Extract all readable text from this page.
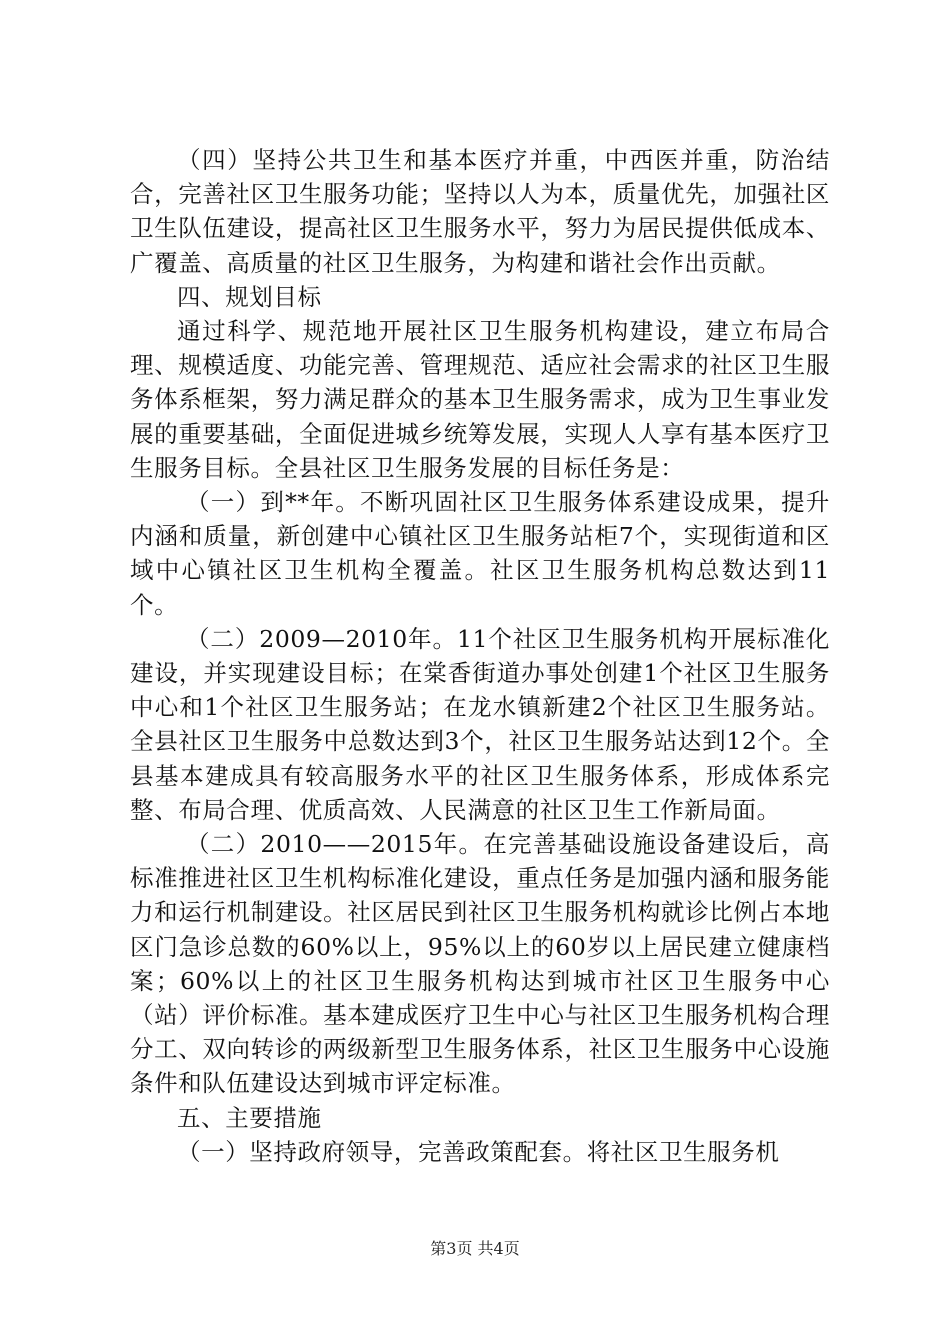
（四）坚持公共卫生和基本医疗并重，中西医并重，防治结合，完善社区卫生服务功能；坚持以人为本，质量优先，加强社区卫生队伍建设，提高社区卫生服务水平，努力为居民提供低成本、广覆盖、高质量的社区卫生服务，为构建和谐社会作出贡献。

四、规划目标

通过科学、规范地开展社区卫生服务机构建设，建立布局合理、规模适度、功能完善、管理规范、适应社会需求的社区卫生服务体系框架，努力满足群众的基本卫生服务需求，成为卫生事业发展的重要基础，全面促进城乡统筹发展，实现人人享有基本医疗卫生服务目标。全县社区卫生服务发展的目标任务是：

（一）到**年。不断巩固社区卫生服务体系建设成果，提升内涵和质量，新创建中心镇社区卫生服务站柜7个，实现街道和区域中心镇社区卫生机构全覆盖。社区卫生服务机构总数达到11个。

（二）2009—2010年。11个社区卫生服务机构开展标准化建设，并实现建设目标；在棠香街道办事处创建1个社区卫生服务中心和1个社区卫生服务站；在龙水镇新建2个社区卫生服务站。全县社区卫生服务中总数达到3个，社区卫生服务站达到12个。全县基本建成具有较高服务水平的社区卫生服务体系，形成体系完整、布局合理、优质高效、人民满意的社区卫生工作新局面。

（二）2010——2015年。在完善基础设施设备建设后，高标准推进社区卫生机构标准化建设，重点任务是加强内涵和服务能力和运行机制建设。社区居民到社区卫生服务机构就诊比例占本地区门急诊总数的60%以上，95%以上的60岁以上居民建立健康档案；60%以上的社区卫生服务机构达到城市社区卫生服务中心（站）评价标准。基本建成医疗卫生中心与社区卫生服务机构合理分工、双向转诊的两级新型卫生服务体系，社区卫生服务中心设施条件和队伍建设达到城市评定标准。

五、主要措施

（一）坚持政府领导，完善政策配套。将社区卫生服务机

第3页 共4页
